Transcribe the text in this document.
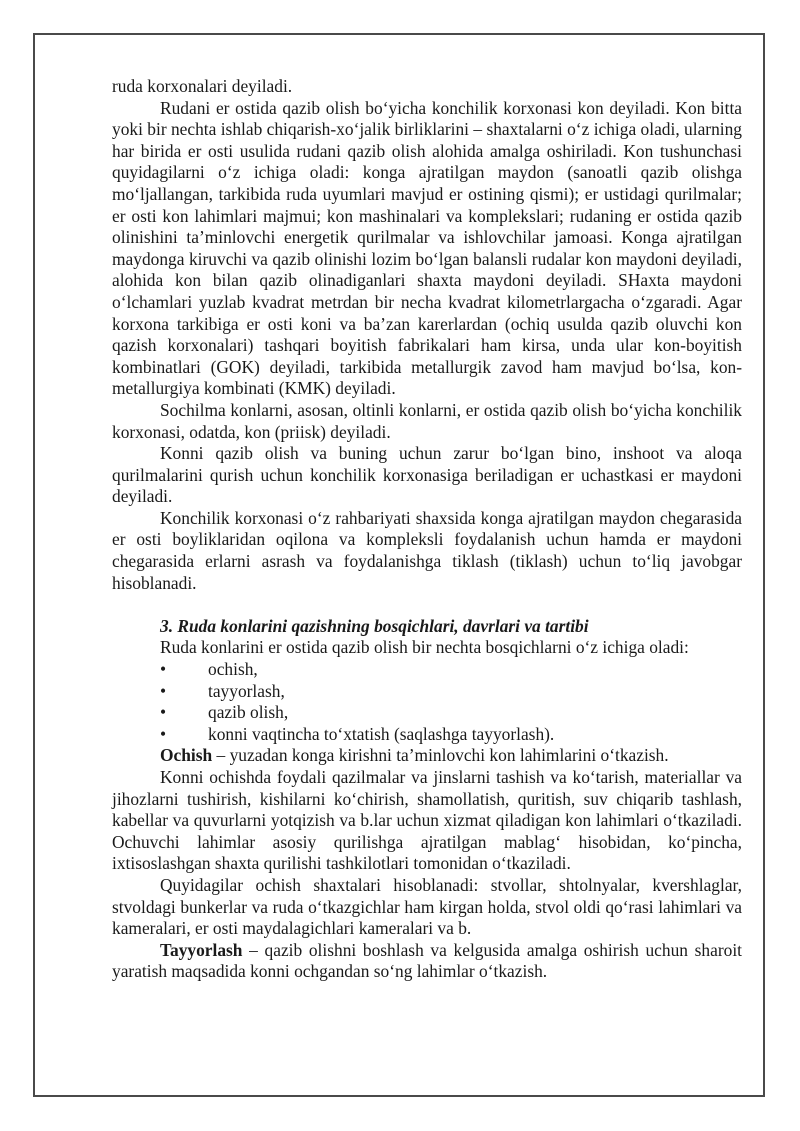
ruda korxonalari deyiladi.

Rudani er ostida qazib olish bo‘yicha konchilik korxonasi kon deyiladi. Kon bitta yoki bir nechta ishlab chiqarish-xo‘jalik birliklarini – shaxtalarni o‘z ichiga oladi, ularning har birida er osti usulida rudani qazib olish alohida amalga oshiriladi. Kon tushunchasi quyidagilarni o‘z ichiga oladi: konga ajratilgan maydon (sanoatli qazib olishga mo‘ljallangan, tarkibida ruda uyumlari mavjud er ostining qismi); er ustidagi qurilmalar; er osti kon lahimlari majmui; kon mashinalari va komplekslari; rudaning er ostida qazib olinishini ta’minlovchi energetik qurilmalar va ishlovchilar jamoasi. Konga ajratilgan maydonga kiruvchi va qazib olinishi lozim bo‘lgan balansli rudalar kon maydoni deyiladi, alohida kon bilan qazib olinadiganlari shaxta maydoni deyiladi. SHaxta maydoni o‘lchamlari yuzlab kvadrat metrdan bir necha kvadrat kilometrlargacha o‘zgaradi. Agar korxona tarkibiga er osti koni va ba’zan karerlardan (ochiq usulda qazib oluvchi kon qazish korxonalari) tashqari boyitish fabrikalari ham kirsa, unda ular kon-boyitish kombinatlari (GOK) deyiladi, tarkibida metallurgik zavod ham mavjud bo‘lsa, kon-metallurgiya kombinati (KMK) deyiladi.

Sochilma konlarni, asosan, oltinli konlarni, er ostida qazib olish bo‘yicha konchilik korxonasi, odatda, kon (priisk) deyiladi.

Konni qazib olish va buning uchun zarur bo‘lgan bino, inshoot va aloqa qurilmalarini qurish uchun konchilik korxonasiga beriladigan er uchastkasi er maydoni deyiladi.

Konchilik korxonasi o‘z rahbariyati shaxsida konga ajratilgan maydon chegarasida er osti boyliklaridan oqilona va kompleksli foydalanish uchun hamda er maydoni chegarasida erlarni asrash va foydalanishga tiklash (tiklash) uchun to‘liq javobgar hisoblanadi.

3. Ruda konlarini qazishning bosqichlari, davrlari va tartibi

Ruda konlarini er ostida qazib olish bir nechta bosqichlarni o‘z ichiga oladi:

• ochish,
• tayyorlash,
• qazib olish,
• konni vaqtincha to‘xtatish (saqlashga tayyorlash).

Ochish – yuzadan konga kirishni ta’minlovchi kon lahimlarini o‘tkazish.

Konni ochishda foydali qazilmalar va jinslarni tashish va ko‘tarish, materiallar va jihozlarni tushirish, kishilarni ko‘chirish, shamollatish, quritish, suv chiqarib tashlash, kabellar va quvurlarni yotqizish va b.lar uchun xizmat qiladigan kon lahimlari o‘tkaziladi. Ochuvchi lahimlar asosiy qurilishga ajratilgan mablag‘ hisobidan, ko‘pincha, ixtisoslashgan shaxta qurilishi tashkilotlari tomonidan o‘tkaziladi.

Quyidagilar ochish shaxtalari hisoblanadi: stvollar, shtolnyalar, kvershlaglar, stvoldagi bunkerlar va ruda o‘tkazgichlar ham kirgan holda, stvol oldi qo‘rasi lahimlari va kameralari, er osti maydalagichlari kameralari va b.

Tayyorlash – qazib olishni boshlash va kelgusida amalga oshirish uchun sharoit yaratish maqsadida konni ochgandan so‘ng lahimlar o‘tkazish.
